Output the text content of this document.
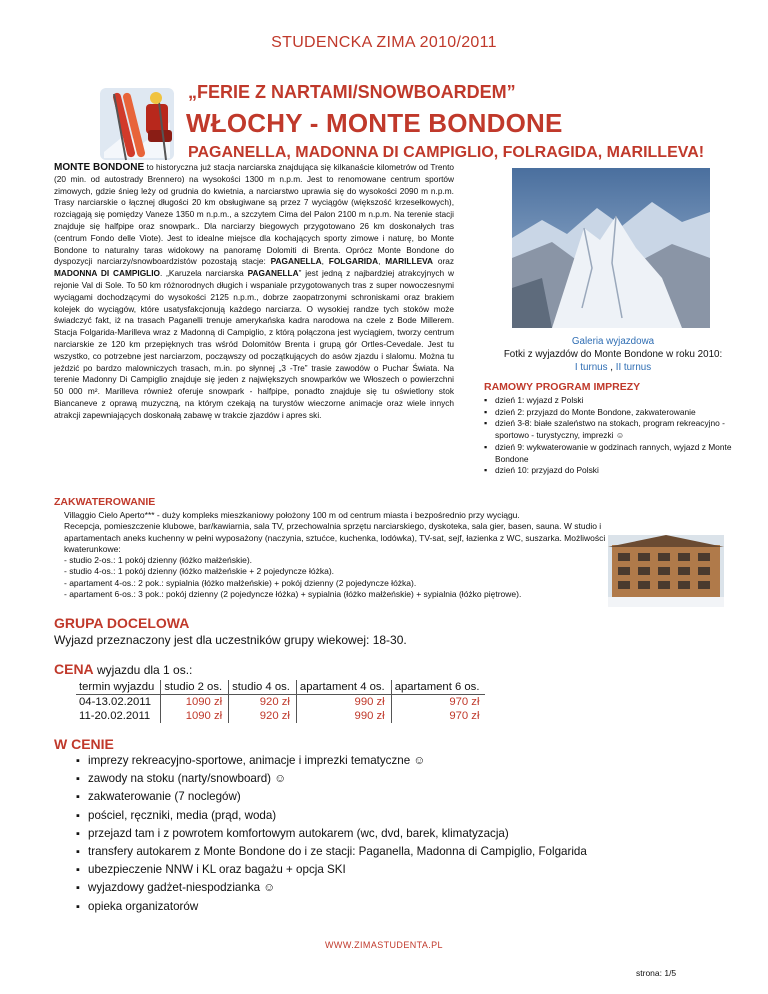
STUDENCKA ZIMA 2010/2011
„FERIE Z NARTAMI/SNOWBOARDEM”
WŁOCHY - MONTE BONDONE
PAGANELLA, MADONNA DI CAMPIGLIO, FOLRAGIDA, MARILLEVA!
MONTE BONDONE to historyczna już stacja narciarska znajdująca się kilkanaście kilometrów od Trento (20 min. od autostrady Brennero) na wysokości 1300 m n.p.m. Jest to renomowane centrum sportów zimowych, gdzie śnieg leży od grudnia do kwietnia, a narciarstwo uprawia się do wysokości 2090 m n.p.m. Trasy narciarskie o łącznej długości 20 km obsługiwane są przez 7 wyciągów (większość krzesełkowych), rozciągają się pomiędzy Vaneze 1350 m n.p.m., a szczytem Cima del Palon 2100 m n.p.m. Na terenie stacji znajduje się halfpipe oraz snowpark.. Dla narciarzy biegowych przygotowano 26 km doskonałych tras (centrum Fondo delle Viote). Jest to idealne miejsce dla kochających sporty zimowe i naturę, bo Monte Bondone to naturalny taras widokowy na panoramę Dolomiti di Brenta. Oprócz Monte Bondone do dyspozycji narciarzy/snowboardzistów pozostają stacje: PAGANELLA, FOLGARIDA, MARILLEVA oraz MADONNA DI CAMPIGLIO. „Karuzela narciarska PAGANELLA” jest jedną z najbardziej atrakcyjnych w rejonie Val di Sole. To 50 km różnorodnych długich i wspaniale przygotowanych tras z super nowoczesnymi wyciągami dochodzącymi do wysokości 2125 n.p.m., dobrze zaopatrzonymi schroniskami oraz brakiem kolejek do wyciągów, które usatysfakcjonują każdego narciarza. O wysokiej randze tych stoków może świadczyć fakt, iż na trasach Paganelli trenuje amerykańska kadra narodowa na czele z Bode Millerem. Stacja Folgarida-Marilleva wraz z Madonną di Campiglio, z którą połączona jest wyciągiem, tworzy centrum narciarskie ze 120 km przepięknych tras wśród Dolomitów Brenta i grupą gór Ortles-Cevedale. Jest tu wszystko, co potrzebne jest narciarzom, począwszy od początkujących do asów zjazdu i slalomu. Można tu jeździć po bardzo malowniczych trasach, m.in. po słynnej „3 -Tre” trasie zawodów o Puchar Świata. Na terenie Madonny Di Campiglio znajduje się jeden z największych snowparków we Włoszech o powierzchni 50 000 m². Marilleva również oferuje snowpark - halfpipe, ponadto znajduje się tu oświetlony stok Biancaneve z oprawą muzyczną, na którym czekają na turystów wieczorne animacje oraz wiele innych atrakcji zapewniających doskonałą zabawę w trakcie zjazdów i apres ski.
Galeria wyjazdowa
Fotki z wyjazdów do Monte Bondone w roku 2010:
I turnus , II turnus
RAMOWY PROGRAM IMPREZY
▪ dzień 1: wyjazd z Polski
▪ dzień 2: przyjazd do Monte Bondone, zakwaterowanie
▪ dzień 3-8: białe szaleństwo na stokach, program rekreacyjno - sportowo - turystyczny, imprezki ☺
▪ dzień 9: wykwaterowanie w godzinach rannych, wyjazd z Monte Bondone
▪ dzień 10: przyjazd do Polski
ZAKWATEROWANIE
Villaggio Cielo Aperto*** - duży kompleks mieszkaniowy położony 100 m od centrum miasta i bezpośrednio przy wyciągu.
Recepcja, pomieszczenie klubowe, bar/kawiarnia, sala TV, przechowalnia sprzętu narciarskiego, dyskoteka, sala gier, basen, sauna. W studio i apartamentach aneks kuchenny w pełni wyposażony (naczynia, sztućce, kuchenka, lodówka), TV-sat, sejf, łazienka z WC, suszarka. Możliwości kwaterunkowe:
- studio 2-os.: 1 pokój dzienny (łóżko małżeńskie).
- studio 4-os.: 1 pokój dzienny (łóżko małżeńskie + 2 pojedyncze łóżka).
- apartament 4-os.: 2 pok.: sypialnia (łóżko małżeńskie) + pokój dzienny (2 pojedyncze łóżka).
- apartament 6-os.: 3 pok.: pokój dzienny (2 pojedyncze łóżka) + sypialnia (łóżko małżeńskie) + sypialnia (łóżko piętrowe).
GRUPA DOCELOWA
Wyjazd przeznaczony jest dla uczestników grupy wiekowej: 18-30.
CENA wyjazdu dla 1 os.:
termin wyjazdu	studio 2 os.	studio 4 os.	apartament 4 os.	apartament 6 os.
04-13.02.2011	1090 zł	920 zł	990 zł	970 zł
11-20.02.2011	1090 zł	920 zł	990 zł	970 zł
W CENIE
▪ imprezy rekreacyjno-sportowe, animacje i imprezki tematyczne ☺
▪ zawody na stoku (narty/snowboard) ☺
▪ zakwaterowanie (7 noclegów)
▪ pościel, ręczniki, media (prąd, woda)
▪ przejazd tam i z powrotem komfortowym autokarem (wc, dvd, barek, klimatyzacja)
▪ transfery autokarem z Monte Bondone do i ze stacji: Paganella, Madonna di Campiglio, Folgarida
▪ ubezpieczenie NNW i KL oraz bagażu + opcja SKI
▪ wyjazdowy gadżet-niespodzianka ☺
▪ opieka organizatorów
WWW.ZIMASTUDENTA.PL
strona: 1/5
